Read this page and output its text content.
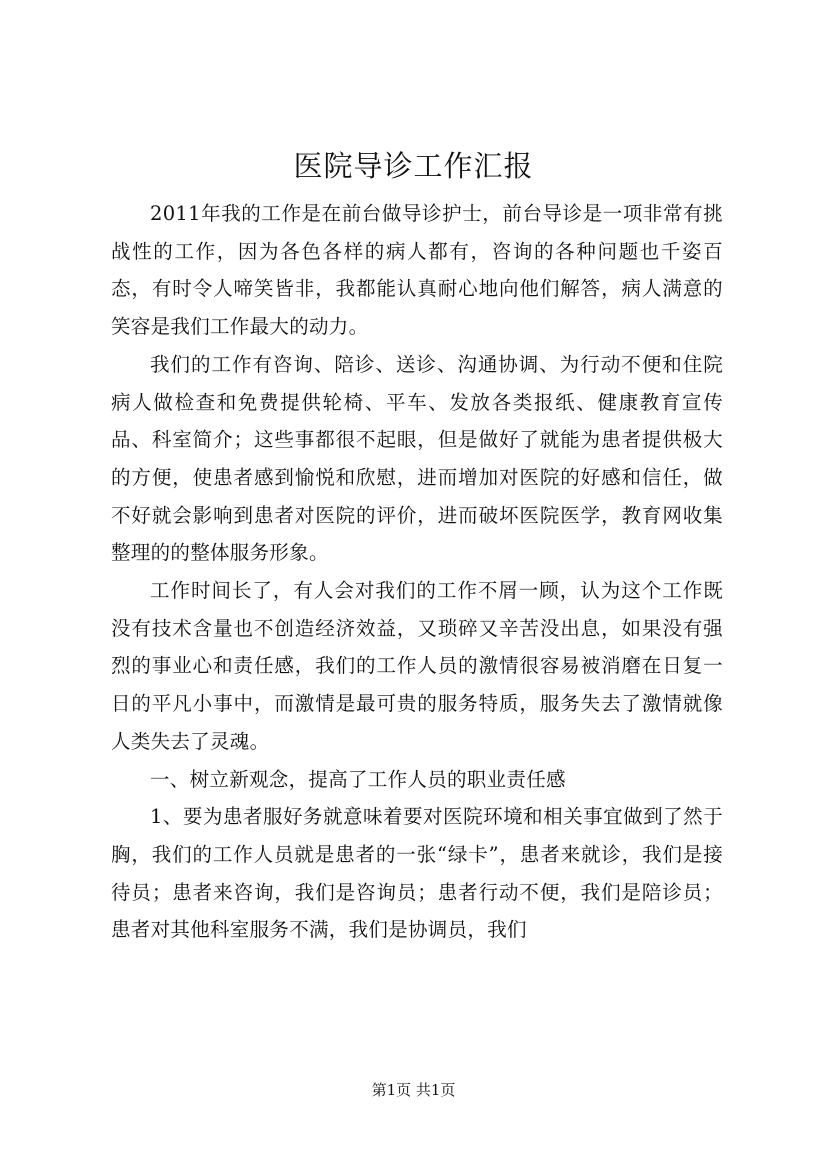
医院导诊工作汇报

2011年我的工作是在前台做导诊护士，前台导诊是一项非常有挑战性的工作，因为各色各样的病人都有，咨询的各种问题也千姿百态，有时令人啼笑皆非，我都能认真耐心地向他们解答，病人满意的笑容是我们工作最大的动力。

我们的工作有咨询、陪诊、送诊、沟通协调、为行动不便和住院病人做检查和免费提供轮椅、平车、发放各类报纸、健康教育宣传品、科室简介；这些事都很不起眼，但是做好了就能为患者提供极大的方便，使患者感到愉悦和欣慰，进而增加对医院的好感和信任，做不好就会影响到患者对医院的评价，进而破坏医院医学，教育网收集整理的的整体服务形象。

工作时间长了，有人会对我们的工作不屑一顾，认为这个工作既没有技术含量也不创造经济效益，又琐碎又辛苦没出息，如果没有强烈的事业心和责任感，我们的工作人员的激情很容易被消磨在日复一日的平凡小事中，而激情是最可贵的服务特质，服务失去了激情就像人类失去了灵魂。

一、树立新观念，提高了工作人员的职业责任感

1、要为患者服好务就意味着要对医院环境和相关事宜做到了然于胸，我们的工作人员就是患者的一张“绿卡”，患者来就诊，我们是接待员；患者来咨询，我们是咨询员；患者行动不便，我们是陪诊员；患者对其他科室服务不满，我们是协调员，我们

第1页 共1页
